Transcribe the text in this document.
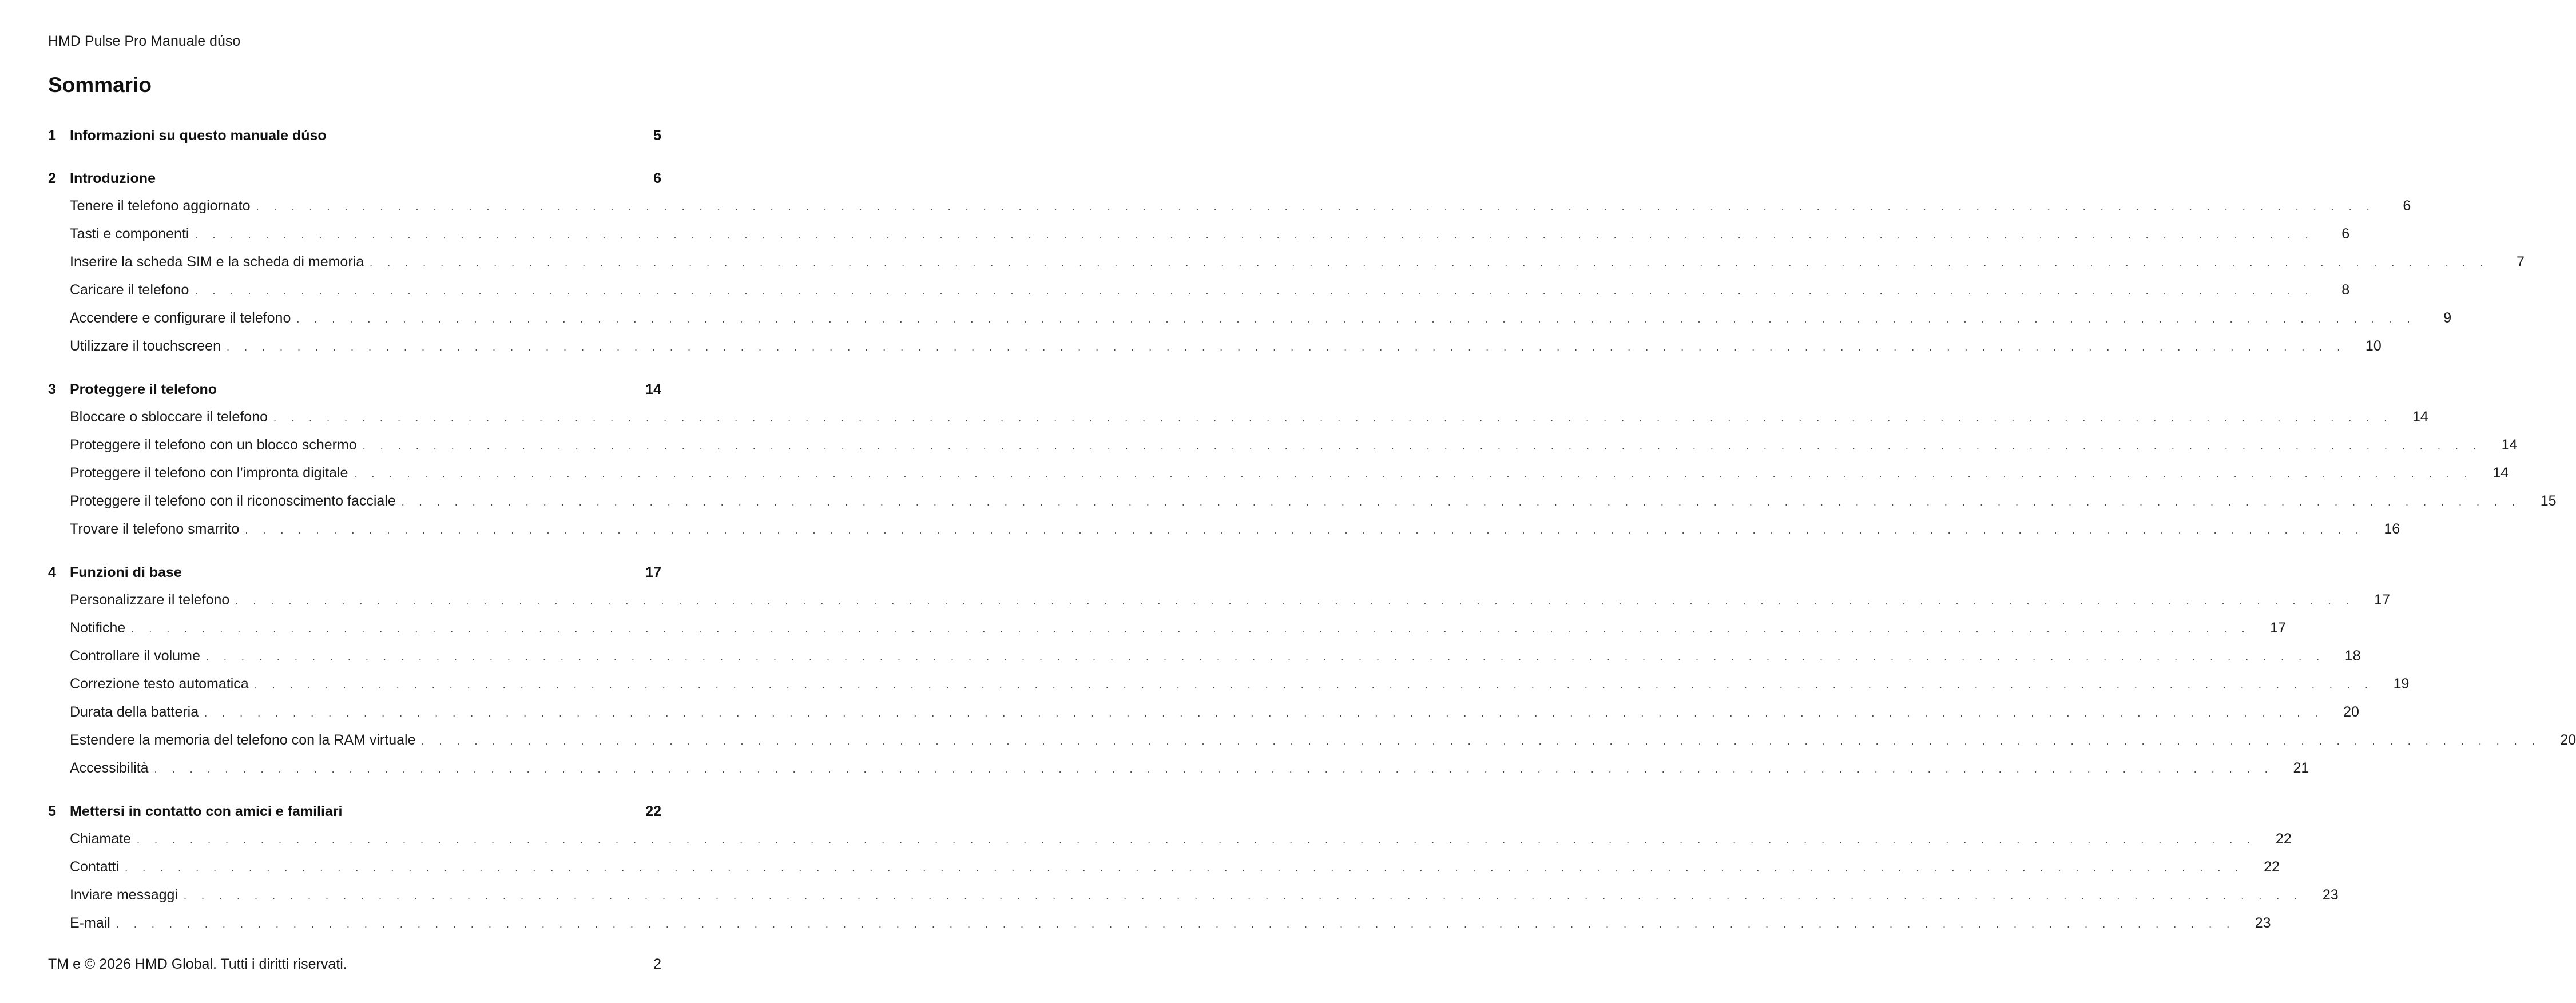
HMD Pulse Pro Manuale dúso
Sommario
1 Informazioni su questo manuale dúso	5
2 Introduzione	6
Tenere il telefono aggiornato . . . . . . . . . . . . . . . . . . . . . . . . . . . . . . . . . . . . . . . . . . . . . . . . . . . . . . . . . . . . . . . . . . . . . . . . . . . . . . . . . . . . . . . . . . . . . . . . . . . . . . . . . . . . . . . . . . . . . . . .	6
Tasti e componenti . . . . . . . . . . . . . . . . . . . . . . . . . . . . . . . . . . . . . . . . . . . . . . . . . . . . . . . . . . . . . . . . . . . . . . . . . . . . . . . . . . . . . . . . . . . . . . . . . . . . . . . . . . . . . . . . . . . . . . . .	6
Inserire la scheda SIM e la scheda di memoria . . . . . . . . . . . . . . . . . . . . . . . . . . . . . . . . . . . . . . . . . . . . . . . . . . . . . . . . . . . . . . . . . . . . . . . . . . . . . . . . . . . . . . . . . . . . . . . . . . . . . . . . . . . . . . . . . . . . . . . .	7
Caricare il telefono . . . . . . . . . . . . . . . . . . . . . . . . . . . . . . . . . . . . . . . . . . . . . . . . . . . . . . . . . . . . . . . . . . . . . . . . . . . . . . . . . . . . . . . . . . . . . . . . . . . . . . . . . . . . . . . . . . . . . . . .	8
Accendere e configurare il telefono . . . . . . . . . . . . . . . . . . . . . . . . . . . . . . . . . . . . . . . . . . . . . . . . . . . . . . . . . . . . . . . . . . . . . . . . . . . . . . . . . . . . . . . . . . . . . . . . . . . . . . . . . . . . . . . . . . . . . . . .	9
Utilizzare il touchscreen . . . . . . . . . . . . . . . . . . . . . . . . . . . . . . . . . . . . . . . . . . . . . . . . . . . . . . . . . . . . . . . . . . . . . . . . . . . . . . . . . . . . . . . . . . . . . . . . . . . . . . . . . . . . . . . . . . . . . . . .	10
3 Proteggere il telefono	14
Bloccare o sbloccare il telefono . . . . . . . . . . . . . . . . . . . . . . . . . . . . . . . . . . . . . . . . . . . . . . . . . . . . . . . . . . . . . . . . . . . . . . . . . . . . . . . . . . . . . . . . . . . . . . . . . . . . . . . . . . . . . . . . . . . . . . . .	14
Proteggere il telefono con un blocco schermo . . . . . . . . . . . . . . . . . . . . . . . . . . . . . . . . . . . . . . . . . . . . . . . . . . . . . . . . . . . . . . . . . . . . . . . . . . . . . . . . . . . . . . . . . . . . . . . . . . . . . . . . . . . . . . . . . . . . . . . .	14
Proteggere il telefono con l’impronta digitale . . . . . . . . . . . . . . . . . . . . . . . . . . . . . . . . . . . . . . . . . . . . . . . . . . . . . . . . . . . . . . . . . . . . . . . . . . . . . . . . . . . . . . . . . . . . . . . . . . . . . . . . . . . . . . . . . . . . . . . .	14
Proteggere il telefono con il riconoscimento facciale . . . . . . . . . . . . . . . . . . . . . . . . . . . . . . . . . . . . . . . . . . . . . . . . . . . . . . . . . . . . . . . . . . . . . . . . . . . . . . . . . . . . . . . . . . . . . . . . . . . . . . . . . . . . . . . . . . . . . . . .	15
Trovare il telefono smarrito . . . . . . . . . . . . . . . . . . . . . . . . . . . . . . . . . . . . . . . . . . . . . . . . . . . . . . . . . . . . . . . . . . . . . . . . . . . . . . . . . . . . . . . . . . . . . . . . . . . . . . . . . . . . . . . . . . . . . . . .	16
4 Funzioni di base	17
Personalizzare il telefono . . . . . . . . . . . . . . . . . . . . . . . . . . . . . . . . . . . . . . . . . . . . . . . . . . . . . . . . . . . . . . . . . . . . . . . . . . . . . . . . . . . . . . . . . . . . . . . . . . . . . . . . . . . . . . . . . . . . . . . .	17
Notifiche . . . . . . . . . . . . . . . . . . . . . . . . . . . . . . . . . . . . . . . . . . . . . . . . . . . . . . . . . . . . . . . . . . . . . . . . . . . . . . . . . . . . . . . . . . . . . . . . . . . . . . . . . . . . . . . . . . . . . . . .	17
Controllare il volume . . . . . . . . . . . . . . . . . . . . . . . . . . . . . . . . . . . . . . . . . . . . . . . . . . . . . . . . . . . . . . . . . . . . . . . . . . . . . . . . . . . . . . . . . . . . . . . . . . . . . . . . . . . . . . . . . . . . . . . .	18
Correzione testo automatica . . . . . . . . . . . . . . . . . . . . . . . . . . . . . . . . . . . . . . . . . . . . . . . . . . . . . . . . . . . . . . . . . . . . . . . . . . . . . . . . . . . . . . . . . . . . . . . . . . . . . . . . . . . . . . . . . . . . . . . .	19
Durata della batteria . . . . . . . . . . . . . . . . . . . . . . . . . . . . . . . . . . . . . . . . . . . . . . . . . . . . . . . . . . . . . . . . . . . . . . . . . . . . . . . . . . . . . . . . . . . . . . . . . . . . . . . . . . . . . . . . . . . . . . . .	20
Estendere la memoria del telefono con la RAM virtuale . . . . . . . . . . . . . . . . . . . . . . . . . . . . . . . . . . . . . . . . . . . . . . . . . . . . . . . . . . . . . . . . . . . . . . . . . . . . . . . . . . . . . . . . . . . . . . . . . . . . . . . . . . . . . . . . . . . . . . . .	20
Accessibilità . . . . . . . . . . . . . . . . . . . . . . . . . . . . . . . . . . . . . . . . . . . . . . . . . . . . . . . . . . . . . . . . . . . . . . . . . . . . . . . . . . . . . . . . . . . . . . . . . . . . . . . . . . . . . . . . . . . . . . . .	21
5 Mettersi in contatto con amici e familiari	22
Chiamate . . . . . . . . . . . . . . . . . . . . . . . . . . . . . . . . . . . . . . . . . . . . . . . . . . . . . . . . . . . . . . . . . . . . . . . . . . . . . . . . . . . . . . . . . . . . . . . . . . . . . . . . . . . . . . . . . . . . . . . .	22
Contatti . . . . . . . . . . . . . . . . . . . . . . . . . . . . . . . . . . . . . . . . . . . . . . . . . . . . . . . . . . . . . . . . . . . . . . . . . . . . . . . . . . . . . . . . . . . . . . . . . . . . . . . . . . . . . . . . . . . . . . . .	22
Inviare messaggi . . . . . . . . . . . . . . . . . . . . . . . . . . . . . . . . . . . . . . . . . . . . . . . . . . . . . . . . . . . . . . . . . . . . . . . . . . . . . . . . . . . . . . . . . . . . . . . . . . . . . . . . . . . . . . . . . . . . . . . .	23
E-mail . . . . . . . . . . . . . . . . . . . . . . . . . . . . . . . . . . . . . . . . . . . . . . . . . . . . . . . . . . . . . . . . . . . . . . . . . . . . . . . . . . . . . . . . . . . . . . . . . . . . . . . . . . . . . . . . . . . . . . . .	23
TM e © 2026 HMD Global. Tutti i diritti riservati.	2
